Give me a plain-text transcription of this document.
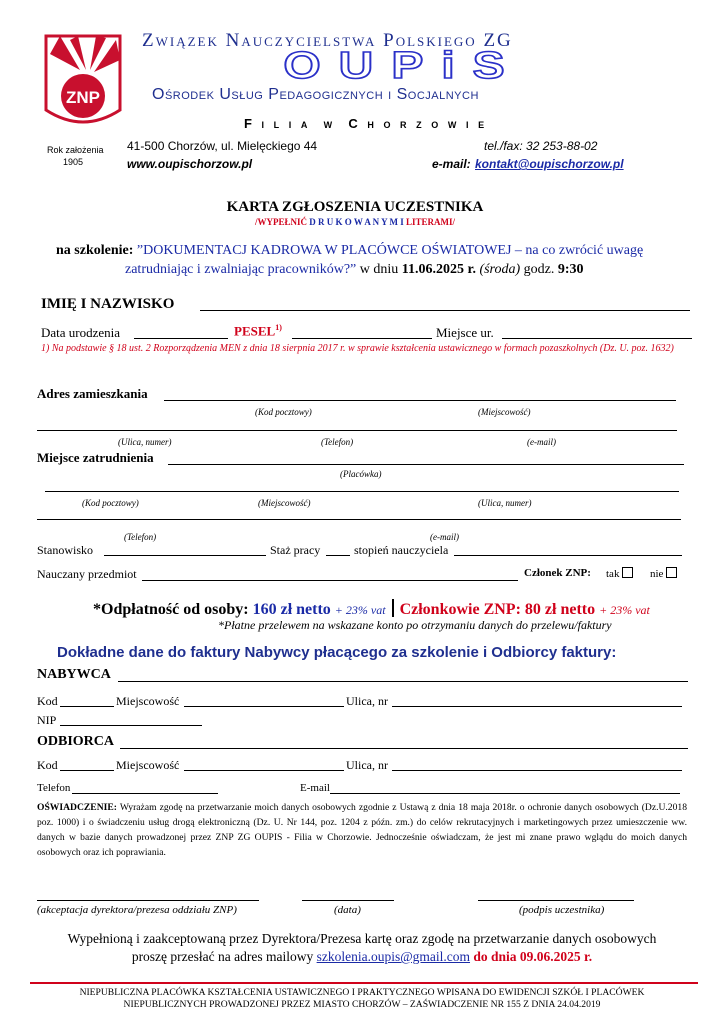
ZNP
Rok założenia
1905
Związek Nauczycielstwa Polskiego ZG
OUPiS
Ośrodek Usług Pedagogicznych i Socjalnych
F i l i a  w  C h o r z o w i e
41-500 Chorzów, ul. Mielęckiego 44	tel./fax: 32 253-88-02
www.oupischorzow.pl	e-mail: kontakt@oupischorzow.pl
KARTA ZGŁOSZENIA UCZESTNIKA
/WYPEŁNIĆ D R U K O W A N Y M I LITERAMI/
na szkolenie: ”DOKUMENTACJ KADROWA W PLACÓWCE OŚWIATOWEJ – na co zwrócić uwagę
zatrudniając i zwalniając pracowników?” w dniu 11.06.2025 r. (środa) godz. 9:30
IMIĘ I NAZWISKO
Data urodzenia	PESEL$^{1)}$	Miejsce ur.
1) Na podstawie § 18 ust. 2 Rozporządzenia MEN z dnia 18 sierpnia 2017 r. w sprawie kształcenia ustawicznego w formach pozaszkolnych (Dz. U. poz. 1632)
Adres zamieszkania
(Kod pocztowy)	(Miejscowość)
(Ulica, numer)	(Telefon)	(e-mail)
Miejsce zatrudnienia
(Placówka)
(Kod pocztowy)	(Miejscowość)	(Ulica, numer)
(Telefon)	(e-mail)
Stanowisko	Staż pracy	stopień nauczyciela
Nauczany przedmiot	Członek ZNP: tak	nie
*Odpłatność od osoby: 160 zł netto + 23% vat Członkowie ZNP: 80 zł netto + 23% vat
*Płatne przelewem na wskazane konto po otrzymaniu danych do przelewu/faktury
Dokładne dane do faktury Nabywcy płacącego za szkolenie i Odbiorcy faktury:
NABYWCA
Kod	Miejscowość	Ulica, nr
NIP
ODBIORCA
Kod	Miejscowość	Ulica, nr
Telefon	E-mail
OŚWIADCZENIE: Wyrażam zgodę na przetwarzanie moich danych osobowych zgodnie z Ustawą z dnia 18 maja 2018r. o ochronie danych osobowych (Dz.U.2018 poz. 1000) i o świadczeniu usług drogą elektroniczną (Dz. U. Nr 144, poz. 1204 z późn. zm.) do celów rekrutacyjnych i marketingowych przez umieszczenie ww. danych w bazie danych prowadzonej przez ZNP ZG OUPIS - Filia w Chorzowie. Jednocześnie oświadczam, że jest mi znane prawo wglądu do moich danych osobowych oraz ich poprawiania.
(akceptacja dyrektora/prezesa oddziału ZNP)	(data)	(podpis uczestnika)
Wypełnioną i zaakceptowaną przez Dyrektora/Prezesa kartę oraz zgodę na przetwarzanie danych osobowych
proszę przesłać na adres mailowy szkolenia.oupis@gmail.com do dnia 09.06.2025 r.
NIEPUBLICZNA PLACÓWKA KSZTAŁCENIA USTAWICZNEGO I PRAKTYCZNEGO WPISANA DO EWIDENCJI SZKÓŁ I PLACÓWEK
NIEPUBLICZNYCH PROWADZONEJ PRZEZ MIASTO CHORZÓW – ZAŚWIADCZENIE NR 155 Z DNIA 24.04.2019
